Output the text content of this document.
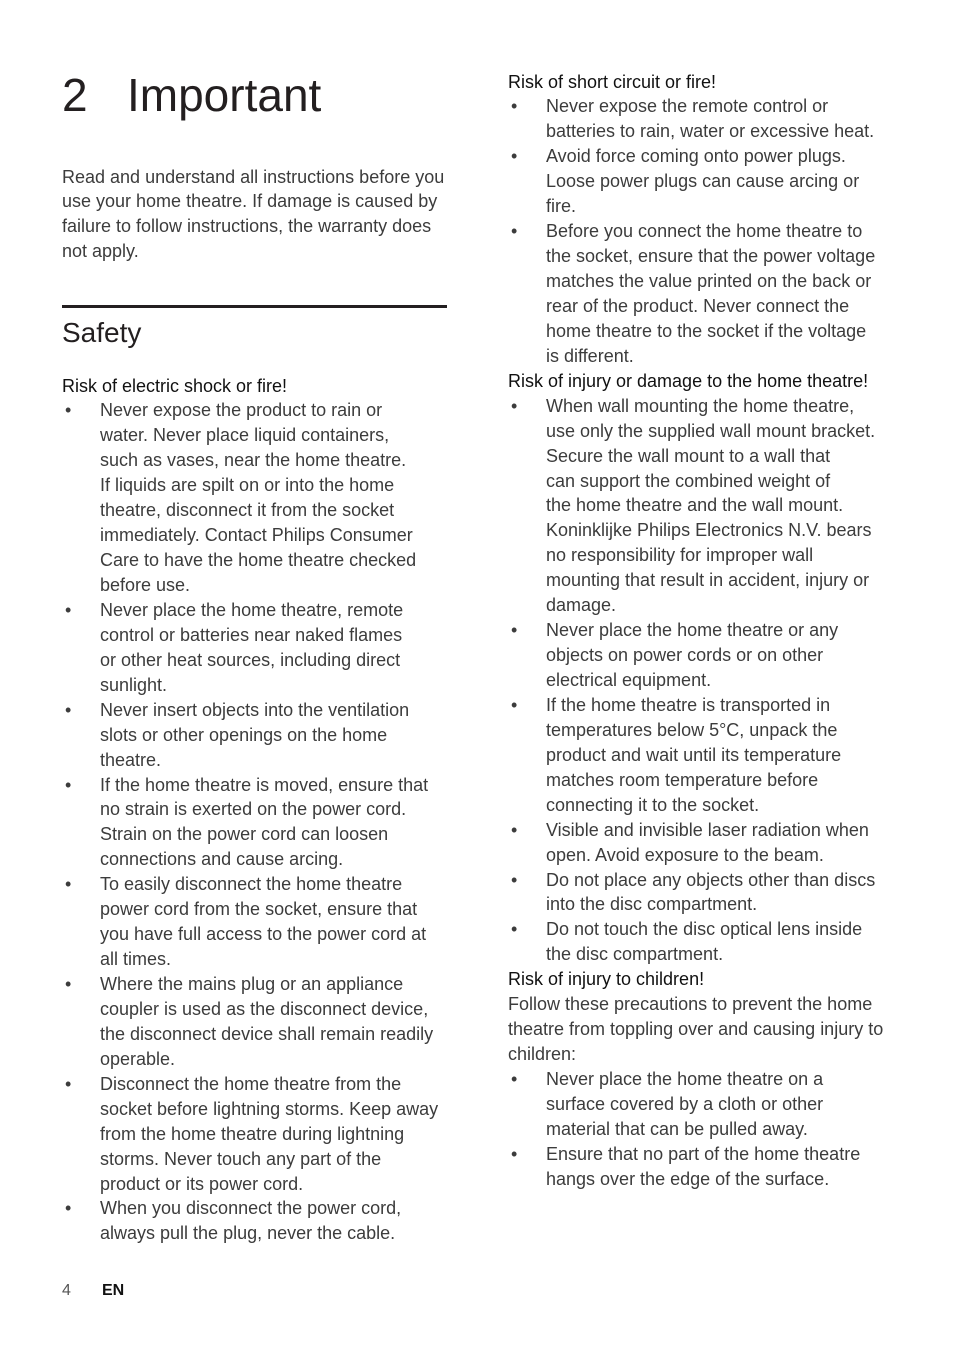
2 Important
Read and understand all instructions before you
use your home theatre. If damage is caused by
failure to follow instructions, the warranty does
not apply.
Safety
Risk of electric shock or fire!
•
Never expose the product to rain or
water. Never place liquid containers,
such as vases, near the home theatre.
If liquids are spilt on or into the home
theatre, disconnect it from the socket
immediately. Contact Philips Consumer
Care to have the home theatre checked
before use.
•
Never place the home theatre, remote
control or batteries near naked flames
or other heat sources, including direct
sunlight.
•
Never insert objects into the ventilation
slots or other openings on the home
theatre.
•
If the home theatre is moved, ensure that
no strain is exerted on the power cord.
Strain on the power cord can loosen
connections and cause arcing.
•
To easily disconnect the home theatre
power cord from the socket, ensure that
you have full access to the power cord at
all times.
•
Where the mains plug or an appliance
coupler is used as the disconnect device,
the disconnect device shall remain readily
operable.
•
Disconnect the home theatre from the
socket before lightning storms. Keep away
from the home theatre during lightning
storms. Never touch any part of the
product or its power cord.
•
When you disconnect the power cord,
always pull the plug, never the cable.
Risk of short circuit or fire!
•
Never expose the remote control or
batteries to rain, water or excessive heat.
•
Avoid force coming onto power plugs.
Loose power plugs can cause arcing or
fire.
•
Before you connect the home theatre to
the socket, ensure that the power voltage
matches the value printed on the back or
rear of the product. Never connect the
home theatre to the socket if the voltage
is different.
Risk of injury or damage to the home theatre!
•
When wall mounting the home theatre,
use only the supplied wall mount bracket.
Secure the wall mount to a wall that
can support the combined weight of
the home theatre and the wall mount.
Koninklijke Philips Electronics N.V. bears
no responsibility for improper wall
mounting that result in accident, injury or
damage.
•
Never place the home theatre or any
objects on power cords or on other
electrical equipment.
•
If the home theatre is transported in
temperatures below 5°C, unpack the
product and wait until its temperature
matches room temperature before
connecting it to the socket.
•
Visible and invisible laser radiation when
open. Avoid exposure to the beam.
•
Do not place any objects other than discs
into the disc compartment.
•
Do not touch the disc optical lens inside
the disc compartment.
Risk of injury to children!
Follow these precautions to prevent the home
theatre from toppling over and causing injury to
children:
•
Never place the home theatre on a
surface covered by a cloth or other
material that can be pulled away.
•
Ensure that no part of the home theatre
hangs over the edge of the surface.
4 EN
